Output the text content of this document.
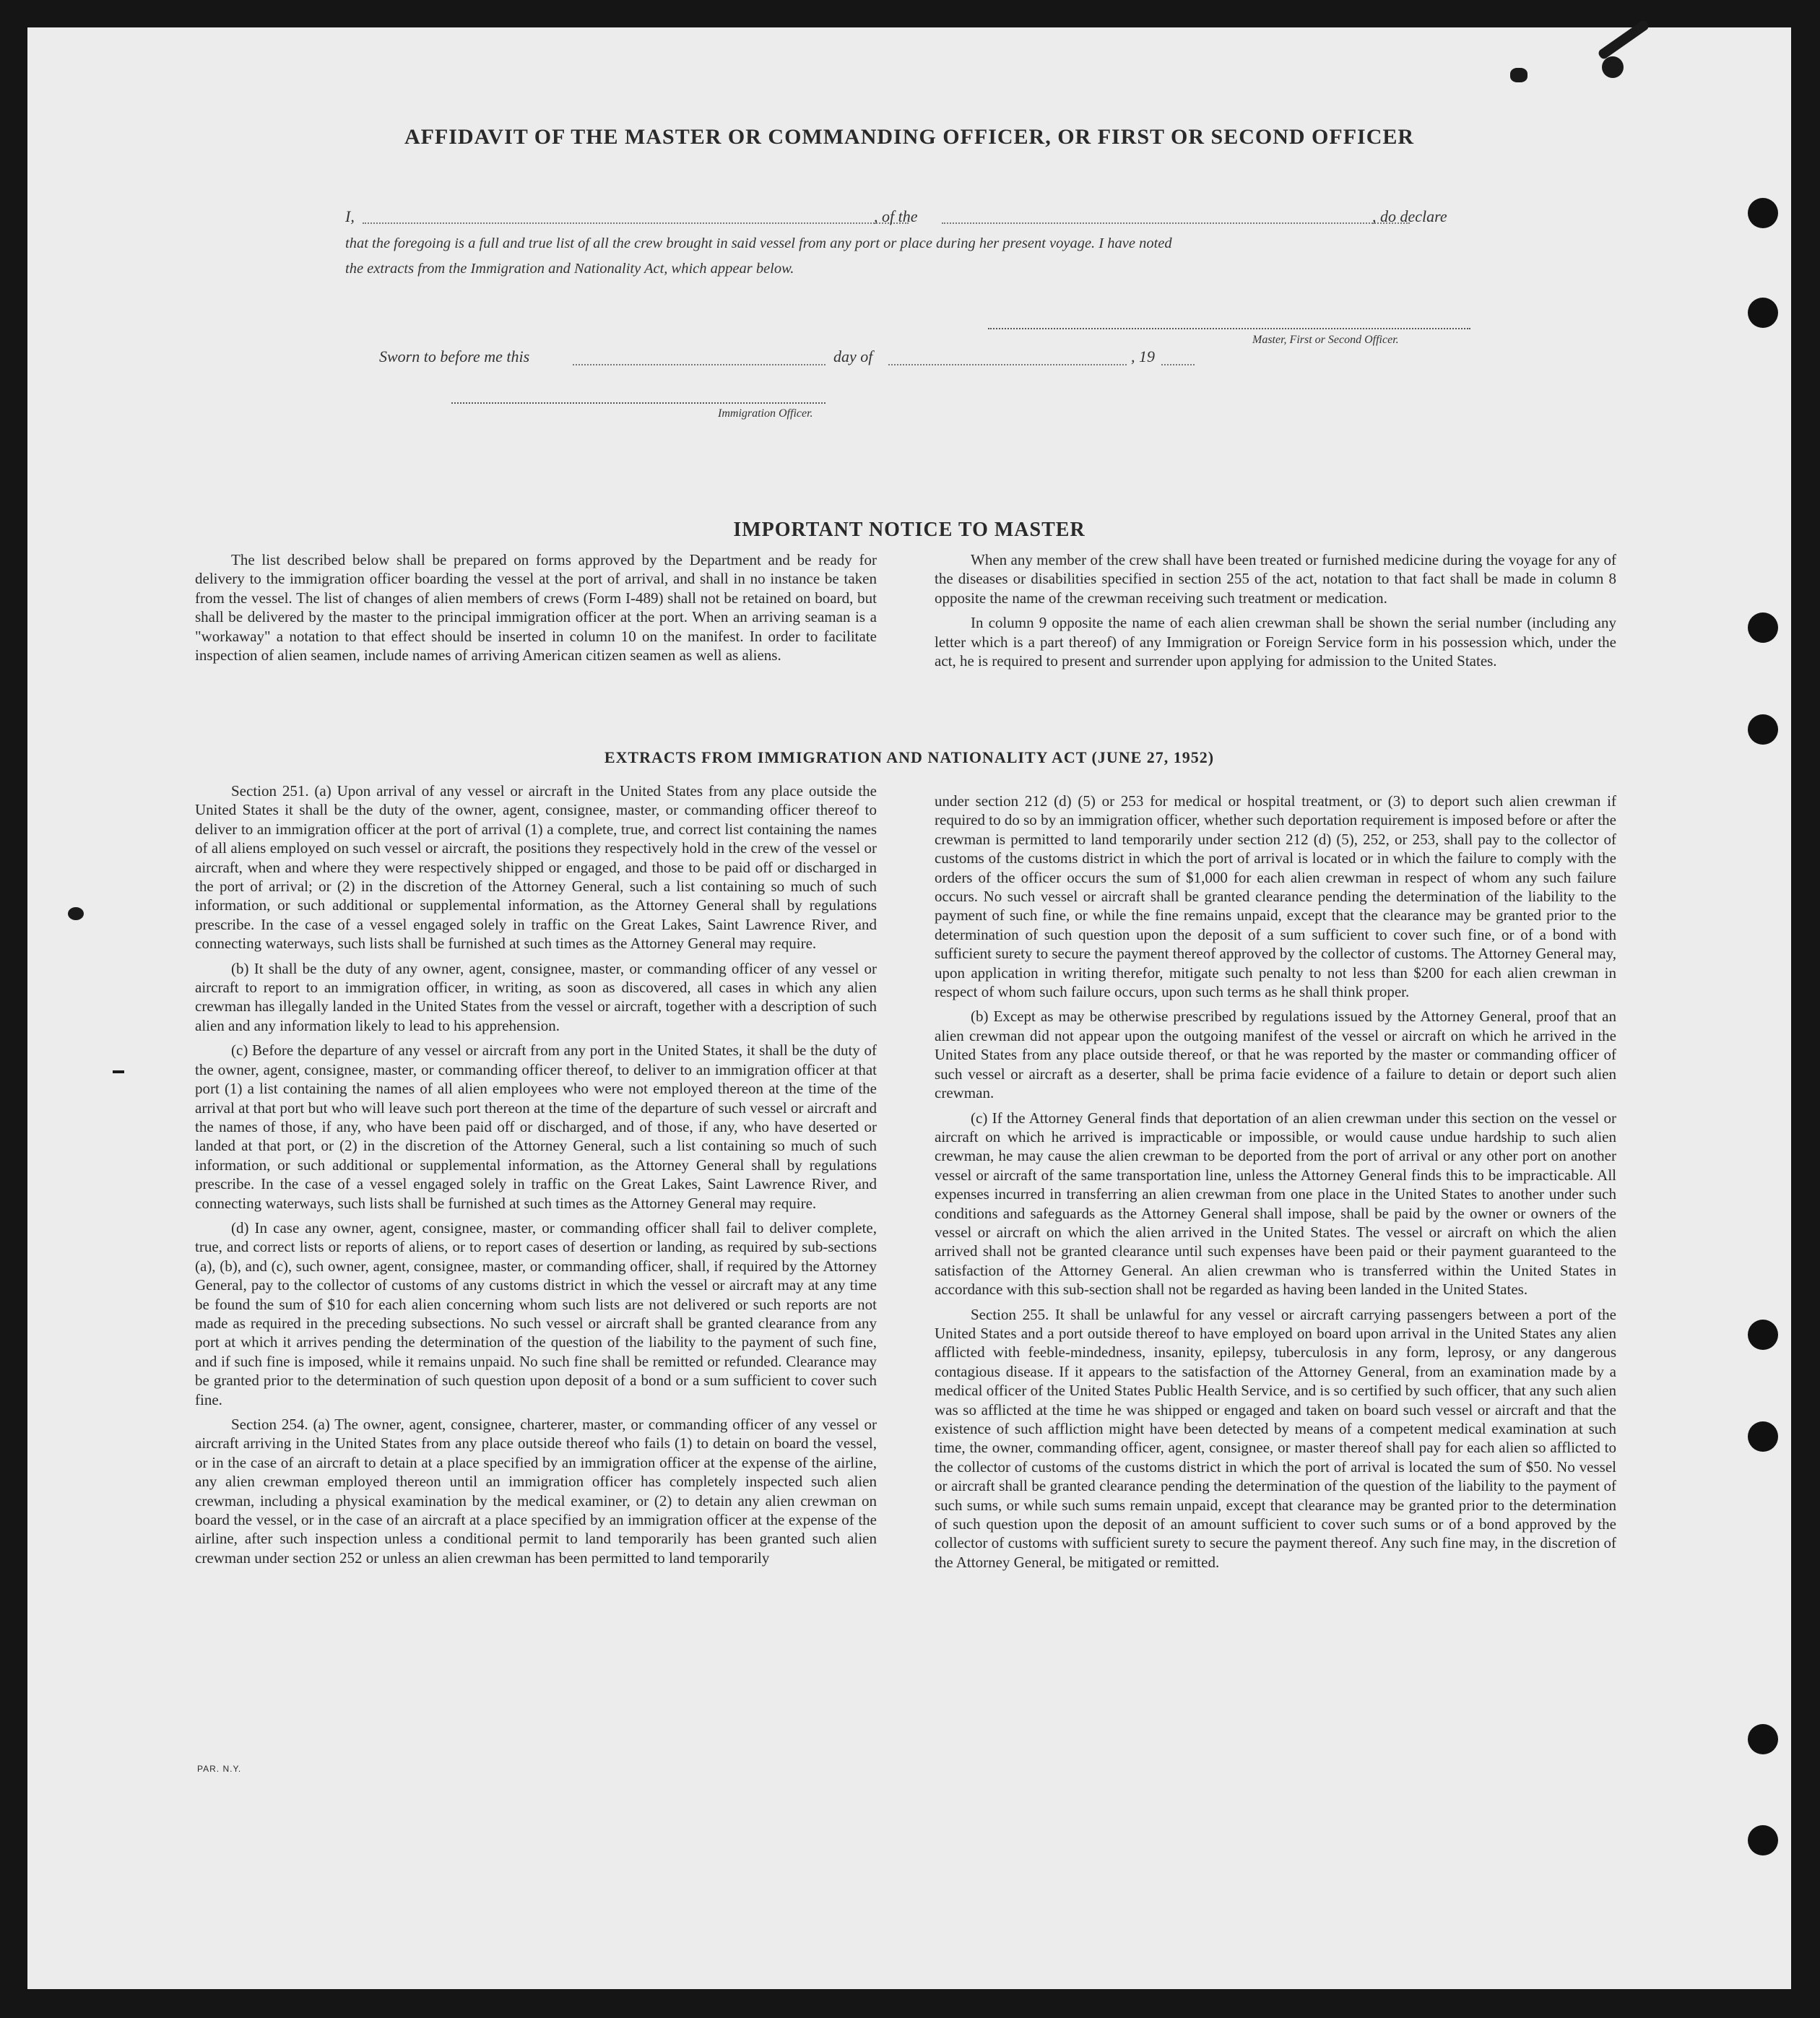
AFFIDAVIT OF THE MASTER OR COMMANDING OFFICER, OR FIRST OR SECOND OFFICER
I,	, of the	, do declare
that the foregoing is a full and true list of all the crew brought in said vessel from any port or place during her present voyage. I have noted
the extracts from the Immigration and Nationality Act, which appear below.
Master, First or Second Officer.
Sworn to before me this	day of	, 19
Immigration Officer.
IMPORTANT NOTICE TO MASTER

The list described below shall be prepared on forms approved by the Department and be ready for delivery to the immigration officer boarding the vessel at the port of arrival, and shall in no instance be taken from the vessel. The list of changes of alien members of crews (Form I-489) shall not be retained on board, but shall be delivered by the master to the principal immigration officer at the port. When an arriving seaman is a "workaway" a notation to that effect should be inserted in column 10 on the manifest. In order to facilitate inspection of alien seamen, include names of arriving American citizen seamen as well as aliens.

When any member of the crew shall have been treated or furnished medicine during the voyage for any of the diseases or disabilities specified in section 255 of the act, notation to that fact shall be made in column 8 opposite the name of the crewman receiving such treatment or medication.

In column 9 opposite the name of each alien crewman shall be shown the serial number (including any letter which is a part thereof) of any Immigration or Foreign Service form in his possession which, under the act, he is required to present and surrender upon applying for admission to the United States.

EXTRACTS FROM IMMIGRATION AND NATIONALITY ACT (JUNE 27, 1952)

Section 251. (a) Upon arrival of any vessel or aircraft in the United States from any place outside the United States it shall be the duty of the owner, agent, consignee, master, or commanding officer thereof to deliver to an immigration officer at the port of arrival (1) a complete, true, and correct list containing the names of all aliens employed on such vessel or aircraft, the positions they respectively hold in the crew of the vessel or aircraft, when and where they were respectively shipped or engaged, and those to be paid off or discharged in the port of arrival; or (2) in the discretion of the Attorney General, such a list containing so much of such information, or such additional or supplemental information, as the Attorney General shall by regulations prescribe. In the case of a vessel engaged solely in traffic on the Great Lakes, Saint Lawrence River, and connecting waterways, such lists shall be furnished at such times as the Attorney General may require.

(b) It shall be the duty of any owner, agent, consignee, master, or commanding officer of any vessel or aircraft to report to an immigration officer, in writing, as soon as discovered, all cases in which any alien crewman has illegally landed in the United States from the vessel or aircraft, together with a description of such alien and any information likely to lead to his apprehension.

(c) Before the departure of any vessel or aircraft from any port in the United States, it shall be the duty of the owner, agent, consignee, master, or commanding officer thereof, to deliver to an immigration officer at that port (1) a list containing the names of all alien employees who were not employed thereon at the time of the arrival at that port but who will leave such port thereon at the time of the departure of such vessel or aircraft and the names of those, if any, who have been paid off or discharged, and of those, if any, who have deserted or landed at that port, or (2) in the discretion of the Attorney General, such a list containing so much of such information, or such additional or supplemental information, as the Attorney General shall by regulations prescribe. In the case of a vessel engaged solely in traffic on the Great Lakes, Saint Lawrence River, and connecting waterways, such lists shall be furnished at such times as the Attorney General may require.

(d) In case any owner, agent, consignee, master, or commanding officer shall fail to deliver complete, true, and correct lists or reports of aliens, or to report cases of desertion or landing, as required by sub-sections (a), (b), and (c), such owner, agent, consignee, master, or commanding officer, shall, if required by the Attorney General, pay to the collector of customs of any customs district in which the vessel or aircraft may at any time be found the sum of $10 for each alien concerning whom such lists are not delivered or such reports are not made as required in the preceding subsections. No such vessel or aircraft shall be granted clearance from any port at which it arrives pending the determination of the question of the liability to the payment of such fine, and if such fine is imposed, while it remains unpaid. No such fine shall be remitted or refunded. Clearance may be granted prior to the determination of such question upon deposit of a bond or a sum sufficient to cover such fine.

Section 254. (a) The owner, agent, consignee, charterer, master, or commanding officer of any vessel or aircraft arriving in the United States from any place outside thereof who fails (1) to detain on board the vessel, or in the case of an aircraft to detain at a place specified by an immigration officer at the expense of the airline, any alien crewman employed thereon until an immigration officer has completely inspected such alien crewman, including a physical examination by the medical examiner, or (2) to detain any alien crewman on board the vessel, or in the case of an aircraft at a place specified by an immigration officer at the expense of the airline, after such inspection unless a conditional permit to land temporarily has been granted such alien crewman under section 252 or unless an alien crewman has been permitted to land temporarily

under section 212 (d) (5) or 253 for medical or hospital treatment, or (3) to deport such alien crewman if required to do so by an immigration officer, whether such deportation requirement is imposed before or after the crewman is permitted to land temporarily under section 212 (d) (5), 252, or 253, shall pay to the collector of customs of the customs district in which the port of arrival is located or in which the failure to comply with the orders of the officer occurs the sum of $1,000 for each alien crewman in respect of whom any such failure occurs. No such vessel or aircraft shall be granted clearance pending the determination of the liability to the payment of such fine, or while the fine remains unpaid, except that the clearance may be granted prior to the determination of such question upon the deposit of a sum sufficient to cover such fine, or of a bond with sufficient surety to secure the payment thereof approved by the collector of customs. The Attorney General may, upon application in writing therefor, mitigate such penalty to not less than $200 for each alien crewman in respect of whom such failure occurs, upon such terms as he shall think proper.

(b) Except as may be otherwise prescribed by regulations issued by the Attorney General, proof that an alien crewman did not appear upon the outgoing manifest of the vessel or aircraft on which he arrived in the United States from any place outside thereof, or that he was reported by the master or commanding officer of such vessel or aircraft as a deserter, shall be prima facie evidence of a failure to detain or deport such alien crewman.

(c) If the Attorney General finds that deportation of an alien crewman under this section on the vessel or aircraft on which he arrived is impracticable or impossible, or would cause undue hardship to such alien crewman, he may cause the alien crewman to be deported from the port of arrival or any other port on another vessel or aircraft of the same transportation line, unless the Attorney General finds this to be impracticable. All expenses incurred in transferring an alien crewman from one place in the United States to another under such conditions and safeguards as the Attorney General shall impose, shall be paid by the owner or owners of the vessel or aircraft on which the alien arrived in the United States. The vessel or aircraft on which the alien arrived shall not be granted clearance until such expenses have been paid or their payment guaranteed to the satisfaction of the Attorney General. An alien crewman who is transferred within the United States in accordance with this sub-section shall not be regarded as having been landed in the United States.

Section 255. It shall be unlawful for any vessel or aircraft carrying passengers between a port of the United States and a port outside thereof to have employed on board upon arrival in the United States any alien afflicted with feeble-mindedness, insanity, epilepsy, tuberculosis in any form, leprosy, or any dangerous contagious disease. If it appears to the satisfaction of the Attorney General, from an examination made by a medical officer of the United States Public Health Service, and is so certified by such officer, that any such alien was so afflicted at the time he was shipped or engaged and taken on board such vessel or aircraft and that the existence of such affliction might have been detected by means of a competent medical examination at such time, the owner, commanding officer, agent, consignee, or master thereof shall pay for each alien so afflicted to the collector of customs of the customs district in which the port of arrival is located the sum of $50. No vessel or aircraft shall be granted clearance pending the determination of the question of the liability to the payment of such sums, or while such sums remain unpaid, except that clearance may be granted prior to the determination of such question upon the deposit of an amount sufficient to cover such sums or of a bond approved by the collector of customs with sufficient surety to secure the payment thereof. Any such fine may, in the discretion of the Attorney General, be mitigated or remitted.

PAR. N.Y.
